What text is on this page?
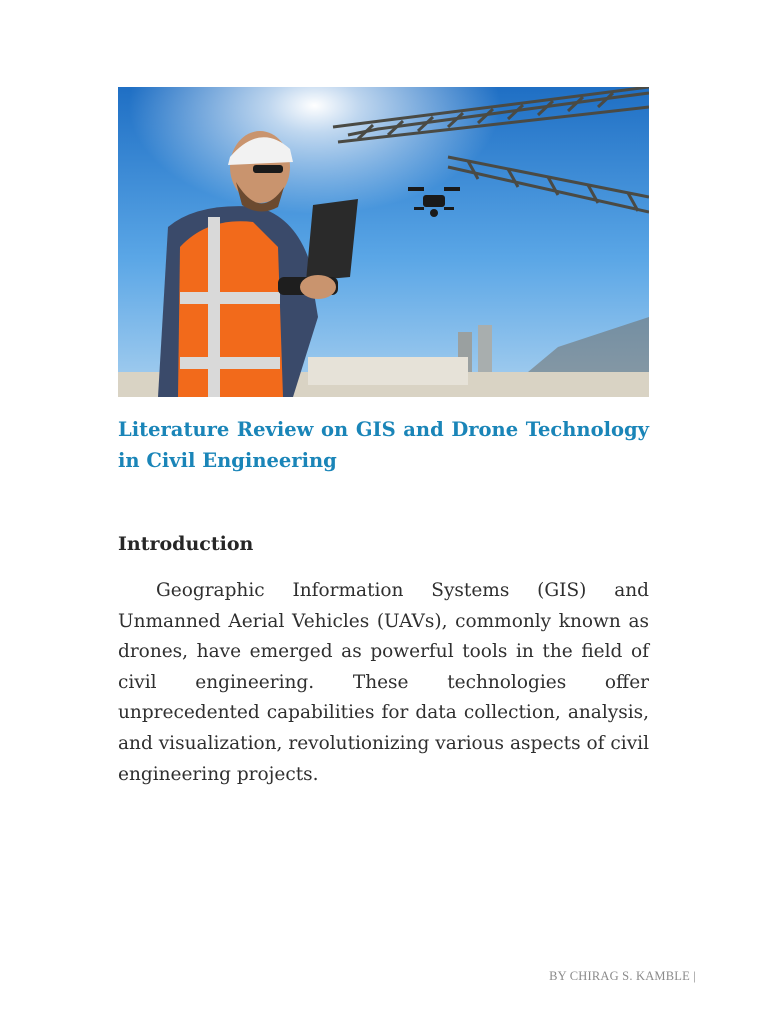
Literature Review on GIS and Drone Technology in Civil Engineering
Introduction

Geographic Information Systems (GIS) and Unmanned Aerial Vehicles (UAVs), commonly known as drones, have emerged as powerful tools in the field of civil engineering. These technologies offer unprecedented capabilities for data collection, analysis, and visualization, revolutionizing various aspects of civil engineering projects.

BY CHIRAG S. KAMBLE |
